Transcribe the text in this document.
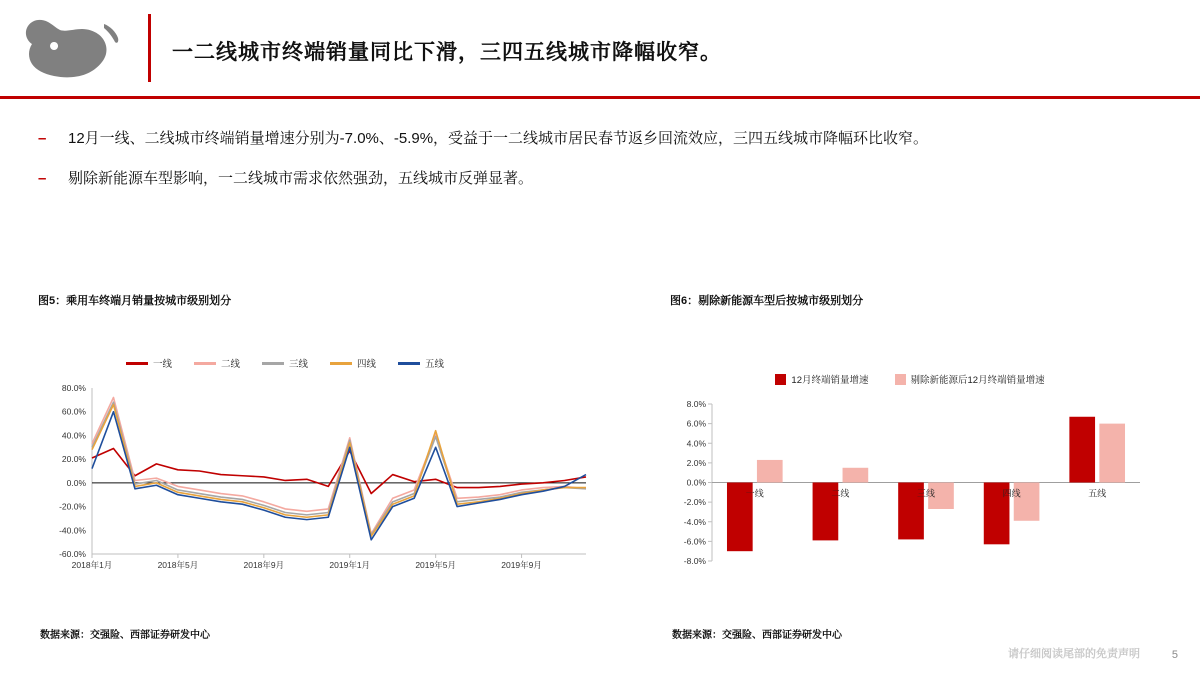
一二线城市终端销量同比下滑，三四五线城市降幅收窄。
– 12月一线、二线城市终端销量增速分别为-7.0%、-5.9%，受益于一二线城市居民春节返乡回流效应，三四五线城市降幅环比收窄。
– 剔除新能源车型影响，一二线城市需求依然强劲，五线城市反弹显著。
图5：乘用车终端月销量按城市级别划分
一线	二线	三线	四线	五线
-60.0%
-40.0%
-20.0%
0.0%
20.0%
40.0%
60.0%
80.0%
2018年1月	2018年5月	2018年9月	2019年1月	2019年5月	2019年9月
数据来源：交强险、西部证券研发中心
图6：剔除新能源车型后按城市级别划分
12月终端销量增速	剔除新能源后12月终端销量增速
-8.0%
-6.0%
-4.0%
-2.0%
0.0%
2.0%
4.0%
6.0%
8.0%
一线	二线	三线	四线	五线
数据来源：交强险、西部证券研发中心
请仔细阅读尾部的免责声明	5
